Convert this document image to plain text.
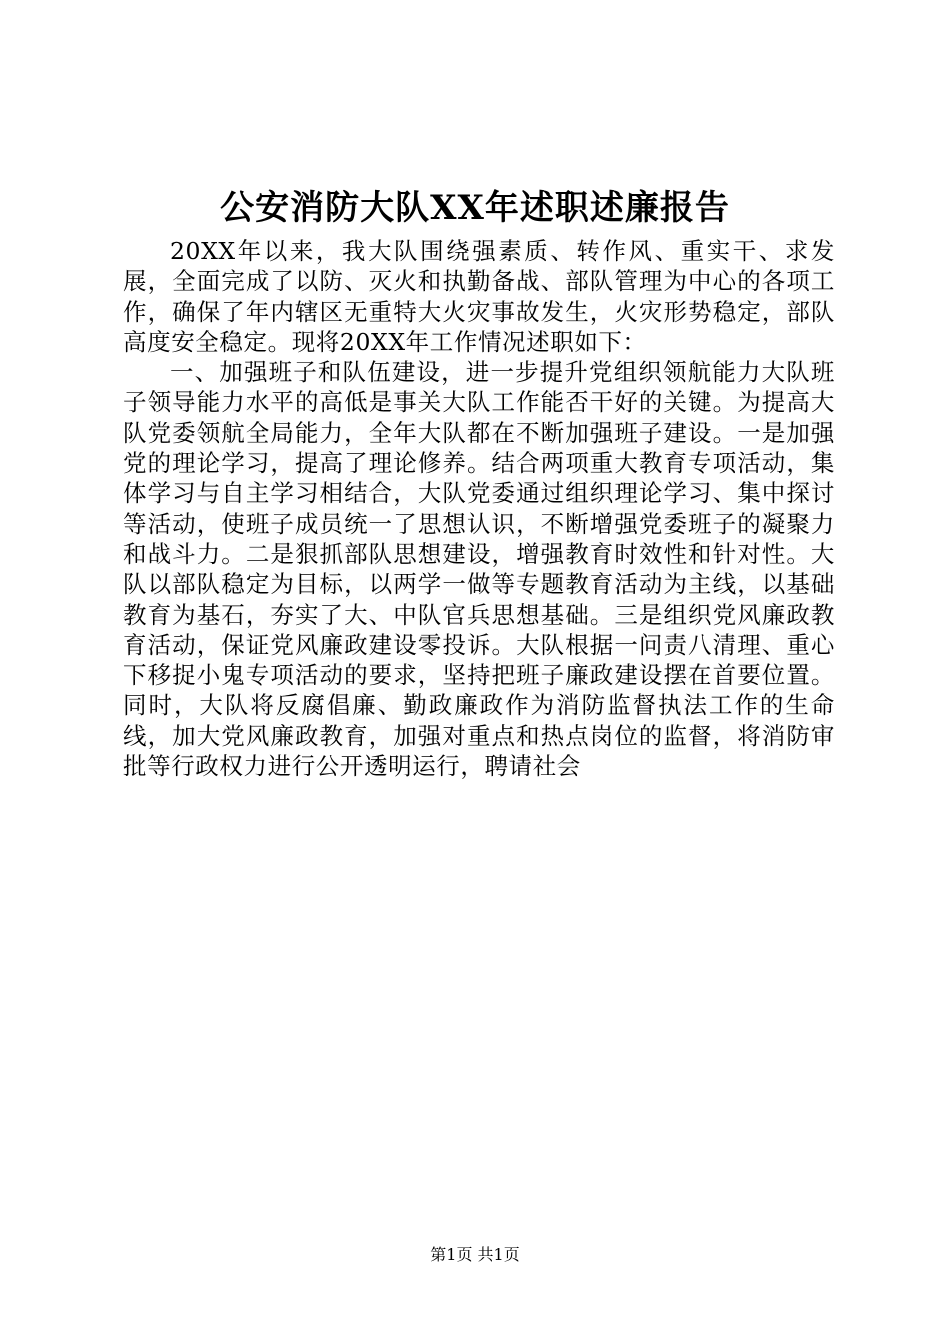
公安消防大队XX年述职述廉报告

20XX年以来，我大队围绕强素质、转作风、重实干、求发展，全面完成了以防、灭火和执勤备战、部队管理为中心的各项工作，确保了年内辖区无重特大火灾事故发生，火灾形势稳定，部队高度安全稳定。现将20XX年工作情况述职如下：

一、加强班子和队伍建设，进一步提升党组织领航能力大队班子领导能力水平的高低是事关大队工作能否干好的关键。为提高大队党委领航全局能力，全年大队都在不断加强班子建设。一是加强党的理论学习，提高了理论修养。结合两项重大教育专项活动，集体学习与自主学习相结合，大队党委通过组织理论学习、集中探讨等活动，使班子成员统一了思想认识，不断增强党委班子的凝聚力和战斗力。二是狠抓部队思想建设，增强教育时效性和针对性。大队以部队稳定为目标，以两学一做等专题教育活动为主线，以基础教育为基石，夯实了大、中队官兵思想基础。三是组织党风廉政教育活动，保证党风廉政建设零投诉。大队根据一问责八清理、重心下移捉小鬼专项活动的要求，坚持把班子廉政建设摆在首要位置。同时，大队将反腐倡廉、勤政廉政作为消防监督执法工作的生命线，加大党风廉政教育，加强对重点和热点岗位的监督，将消防审批等行政权力进行公开透明运行，聘请社会

第1页 共1页
